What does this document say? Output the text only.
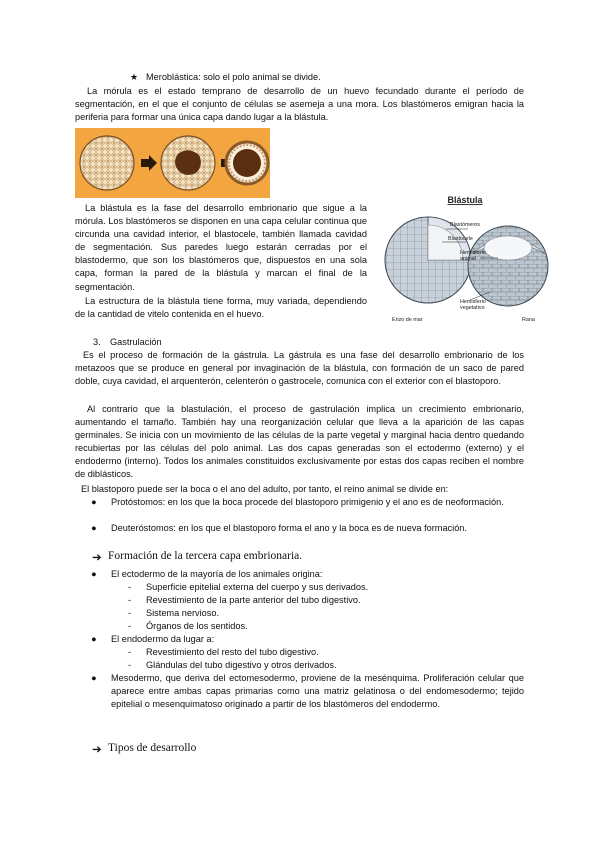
★ Meroblástica: solo el polo animal se divide.

La mórula es el estado temprano de desarrollo de un huevo fecundado durante el período de segmentación, en el que el conjunto de células se asemeja a una mora. Los blastómeros emigran hacia la periferia para formar una única capa dando lugar a la blástula.

La blástula es la fase del desarrollo embrionario que sigue a la mórula. Los blastómeros se disponen en una capa celular continua que circunda una cavidad interior, el blastocele, también llamada cavidad de segmentación. Sus paredes luego estarán cerradas por el blastodermo, que son los blastómeros que, dispuestos en una sola capa, forman la pared de la blástula y marcan el final de la segmentación.

La estructura de la blástula tiene forma, muy variada, dependiendo de la cantidad de vitelo contenida en el huevo.

Blástula
Blastómeros
Blastocele
Hemisferio
animal
Hemisferio
vegetativo
Erizo de mar	Rana
3. Gastrulación

Es el proceso de formación de la gástrula. La gástrula es una fase del desarrollo embrionario de los metazoos que se produce en general por invaginación de la blástula, con formación de un saco de pared doble, cuya cavidad, el arquenterón, celenterón o gastrocele, comunica con el exterior con el blastoporo.

Al contrario que la blastulación, el proceso de gastrulación implica un crecimiento embrionario, aumentando el tamaño. También hay una reorganización celular que lleva a la aparición de las capas germinales. Se inicia con un movimiento de las células de la parte vegetal y marginal hacia dentro quedando recubiertas por las células del polo animal. Las dos capas generadas son el ectodermo (externo) y el endodermo (interno). Todos los animales constituidos exclusivamente por estas dos capas reciben el nombre de diblásticos.

El blastoporo puede ser la boca o el ano del adulto, por tanto, el reino animal se divide en:
● Protóstomos: en los que la boca procede del blastoporo primigenio y el ano es de neoformación.

● Deuteróstomos: en los que el blastoporo forma el ano y la boca es de nueva formación.

➔ Formación de la tercera capa embrionaria.
● El ectodermo de la mayoría de los animales origina:
- Superficie epitelial externa del cuerpo y sus derivados.
- Revestimiento de la parte anterior del tubo digestivo.
- Sistema nervioso.
- Órganos de los sentidos.
● El endodermo da lugar a:
- Revestimiento del resto del tubo digestivo.
- Glándulas del tubo digestivo y otros derivados.
● Mesodermo, que deriva del ectomesodermo, proviene de la mesénquima. Proliferación celular que aparece entre ambas capas primarias como una matriz gelatinosa o del endomesodermo; tejido epitelial o mesenquimatoso originado a partir de los blastómeros del endodermo.

➔ Tipos de desarrollo
